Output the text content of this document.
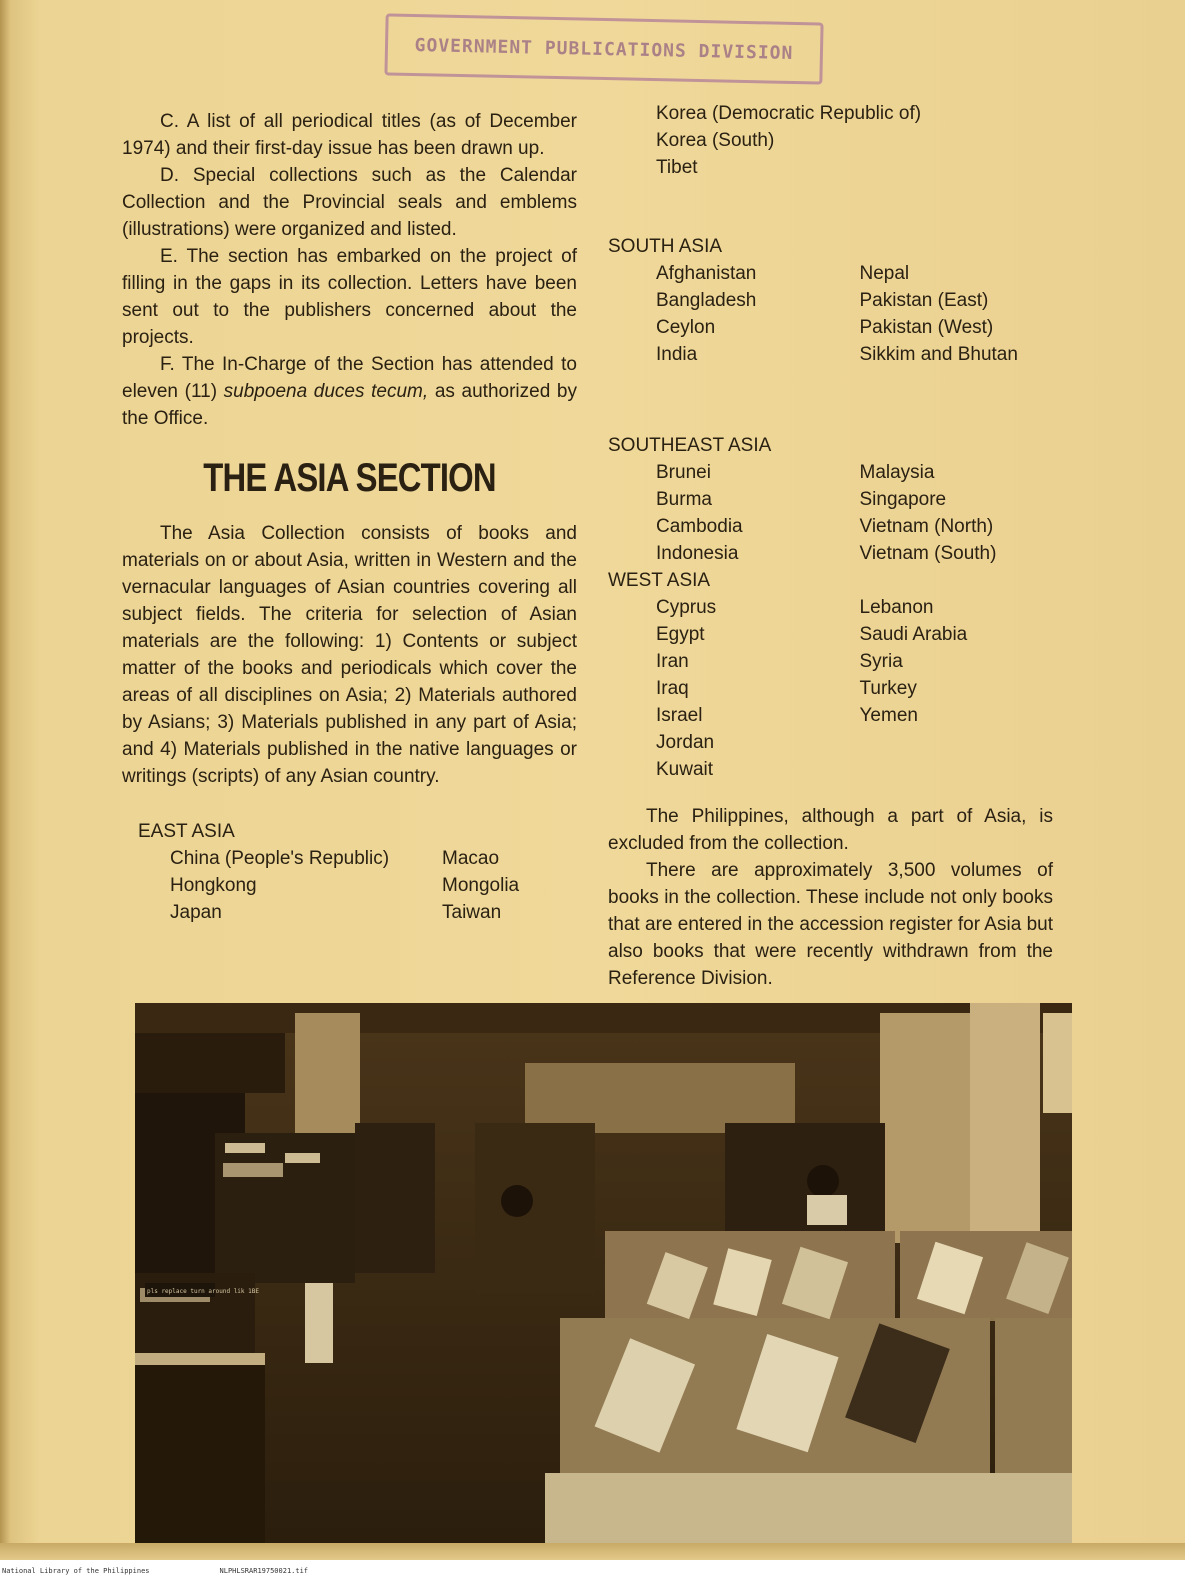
GOVERNMENT PUBLICATIONS DIVISION

C. A list of all periodical titles (as of December 1974) and their first-day issue has been drawn up.

D. Special collections such as the Calendar Collection and the Provincial seals and emblems (illustrations) were organized and listed.

E. The section has embarked on the project of filling in the gaps in its collection. Letters have been sent out to the publishers concerned about the projects.

F. The In-Charge of the Section has attended to eleven (11) subpoena duces tecum, as authorized by the Office.

THE ASIA SECTION

The Asia Collection consists of books and materials on or about Asia, written in Western and the vernacular languages of Asian countries covering all subject fields. The criteria for selection of Asian materials are the following: 1) Contents or subject matter of the books and periodicals which cover the areas of all disciplines on Asia; 2) Materials authored by Asians; 3) Materials published in any part of Asia; and 4) Materials published in the native languages or writings (scripts) of any Asian country.

EAST ASIA
China (People's Republic)	Macao
Hongkong	Mongolia
Japan	Taiwan
Korea (Democratic Republic of)
Korea (South)
Tibet
SOUTH ASIA
Afghanistan	Nepal
Bangladesh	Pakistan (East)
Ceylon	Pakistan (West)
India	Sikkim and Bhutan
SOUTHEAST ASIA
Brunei	Malaysia
Burma	Singapore
Cambodia	Vietnam (North)
Indonesia	Vietnam (South)
WEST ASIA
Cyprus	Lebanon
Egypt	Saudi Arabia
Iran	Syria
Iraq	Turkey
Israel	Yemen
Jordan
Kuwait

The Philippines, although a part of Asia, is excluded from the collection.

There are approximately 3,500 volumes of books in the collection. These include not only books that are entered in the accession register for Asia but also books that were recently withdrawn from the Reference Division.

pls replace turn around lik 1BE
National Library of the Philippines	NLPHLSRAR19750021.tif
